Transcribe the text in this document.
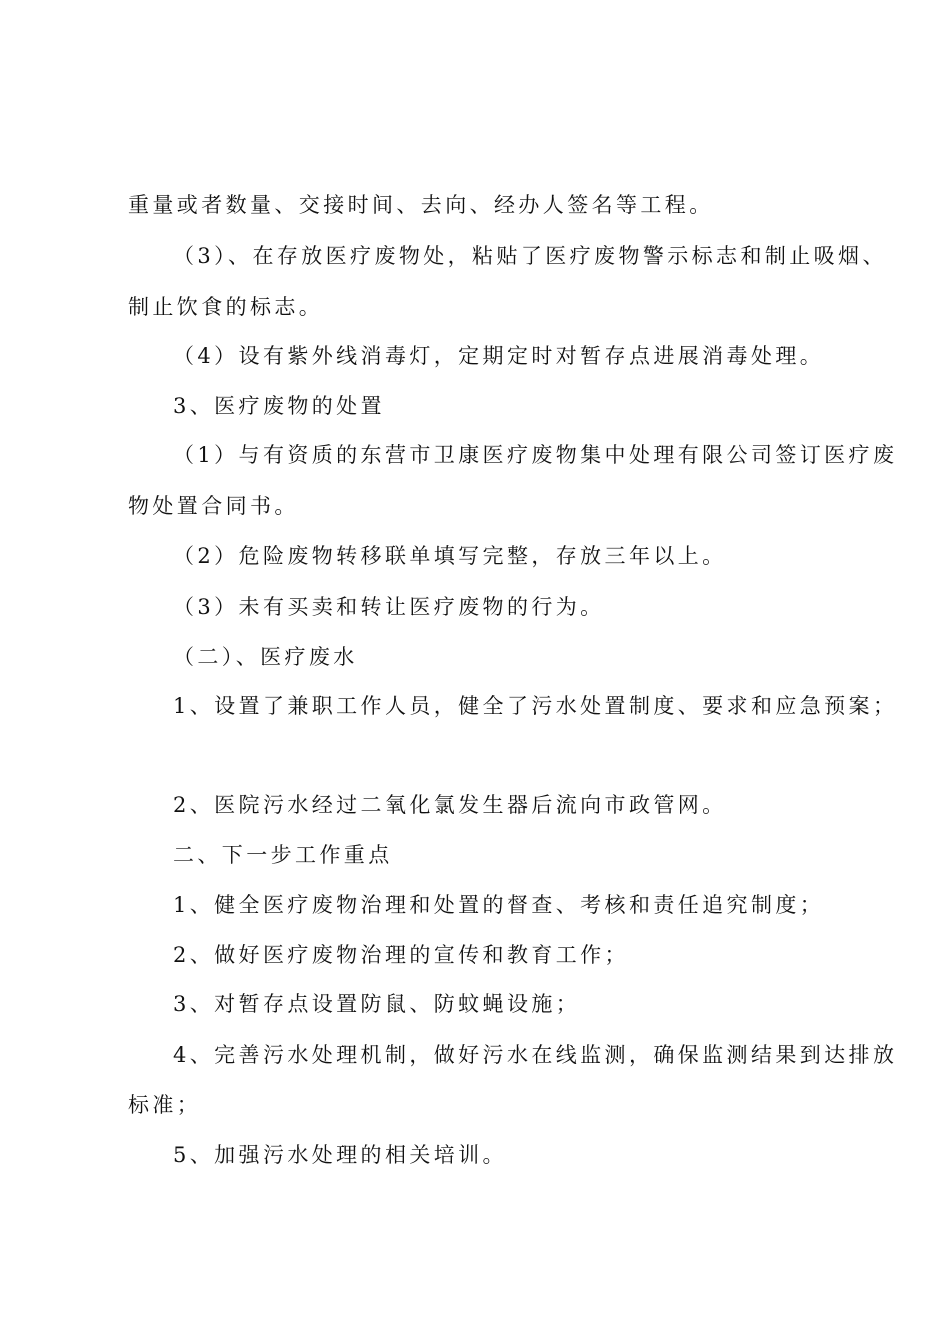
重量或者数量、交接时间、去向、经办人签名等工程。
（3）、在存放医疗废物处，粘贴了医疗废物警示标志和制止吸烟、
制止饮食的标志。
（4）设有紫外线消毒灯，定期定时对暂存点进展消毒处理。
3、医疗废物的处置
（1）与有资质的东营市卫康医疗废物集中处理有限公司签订医疗废
物处置合同书。
（2）危险废物转移联单填写完整，存放三年以上。
（3）未有买卖和转让医疗废物的行为。
（二）、医疗废水
1、设置了兼职工作人员，健全了污水处置制度、要求和应急预案；
2、医院污水经过二氧化氯发生器后流向市政管网。
二、下一步工作重点
1、健全医疗废物治理和处置的督查、考核和责任追究制度；
2、做好医疗废物治理的宣传和教育工作；
3、对暂存点设置防鼠、防蚊蝇设施；
4、完善污水处理机制，做好污水在线监测，确保监测结果到达排放
标准；
5、加强污水处理的相关培训。
